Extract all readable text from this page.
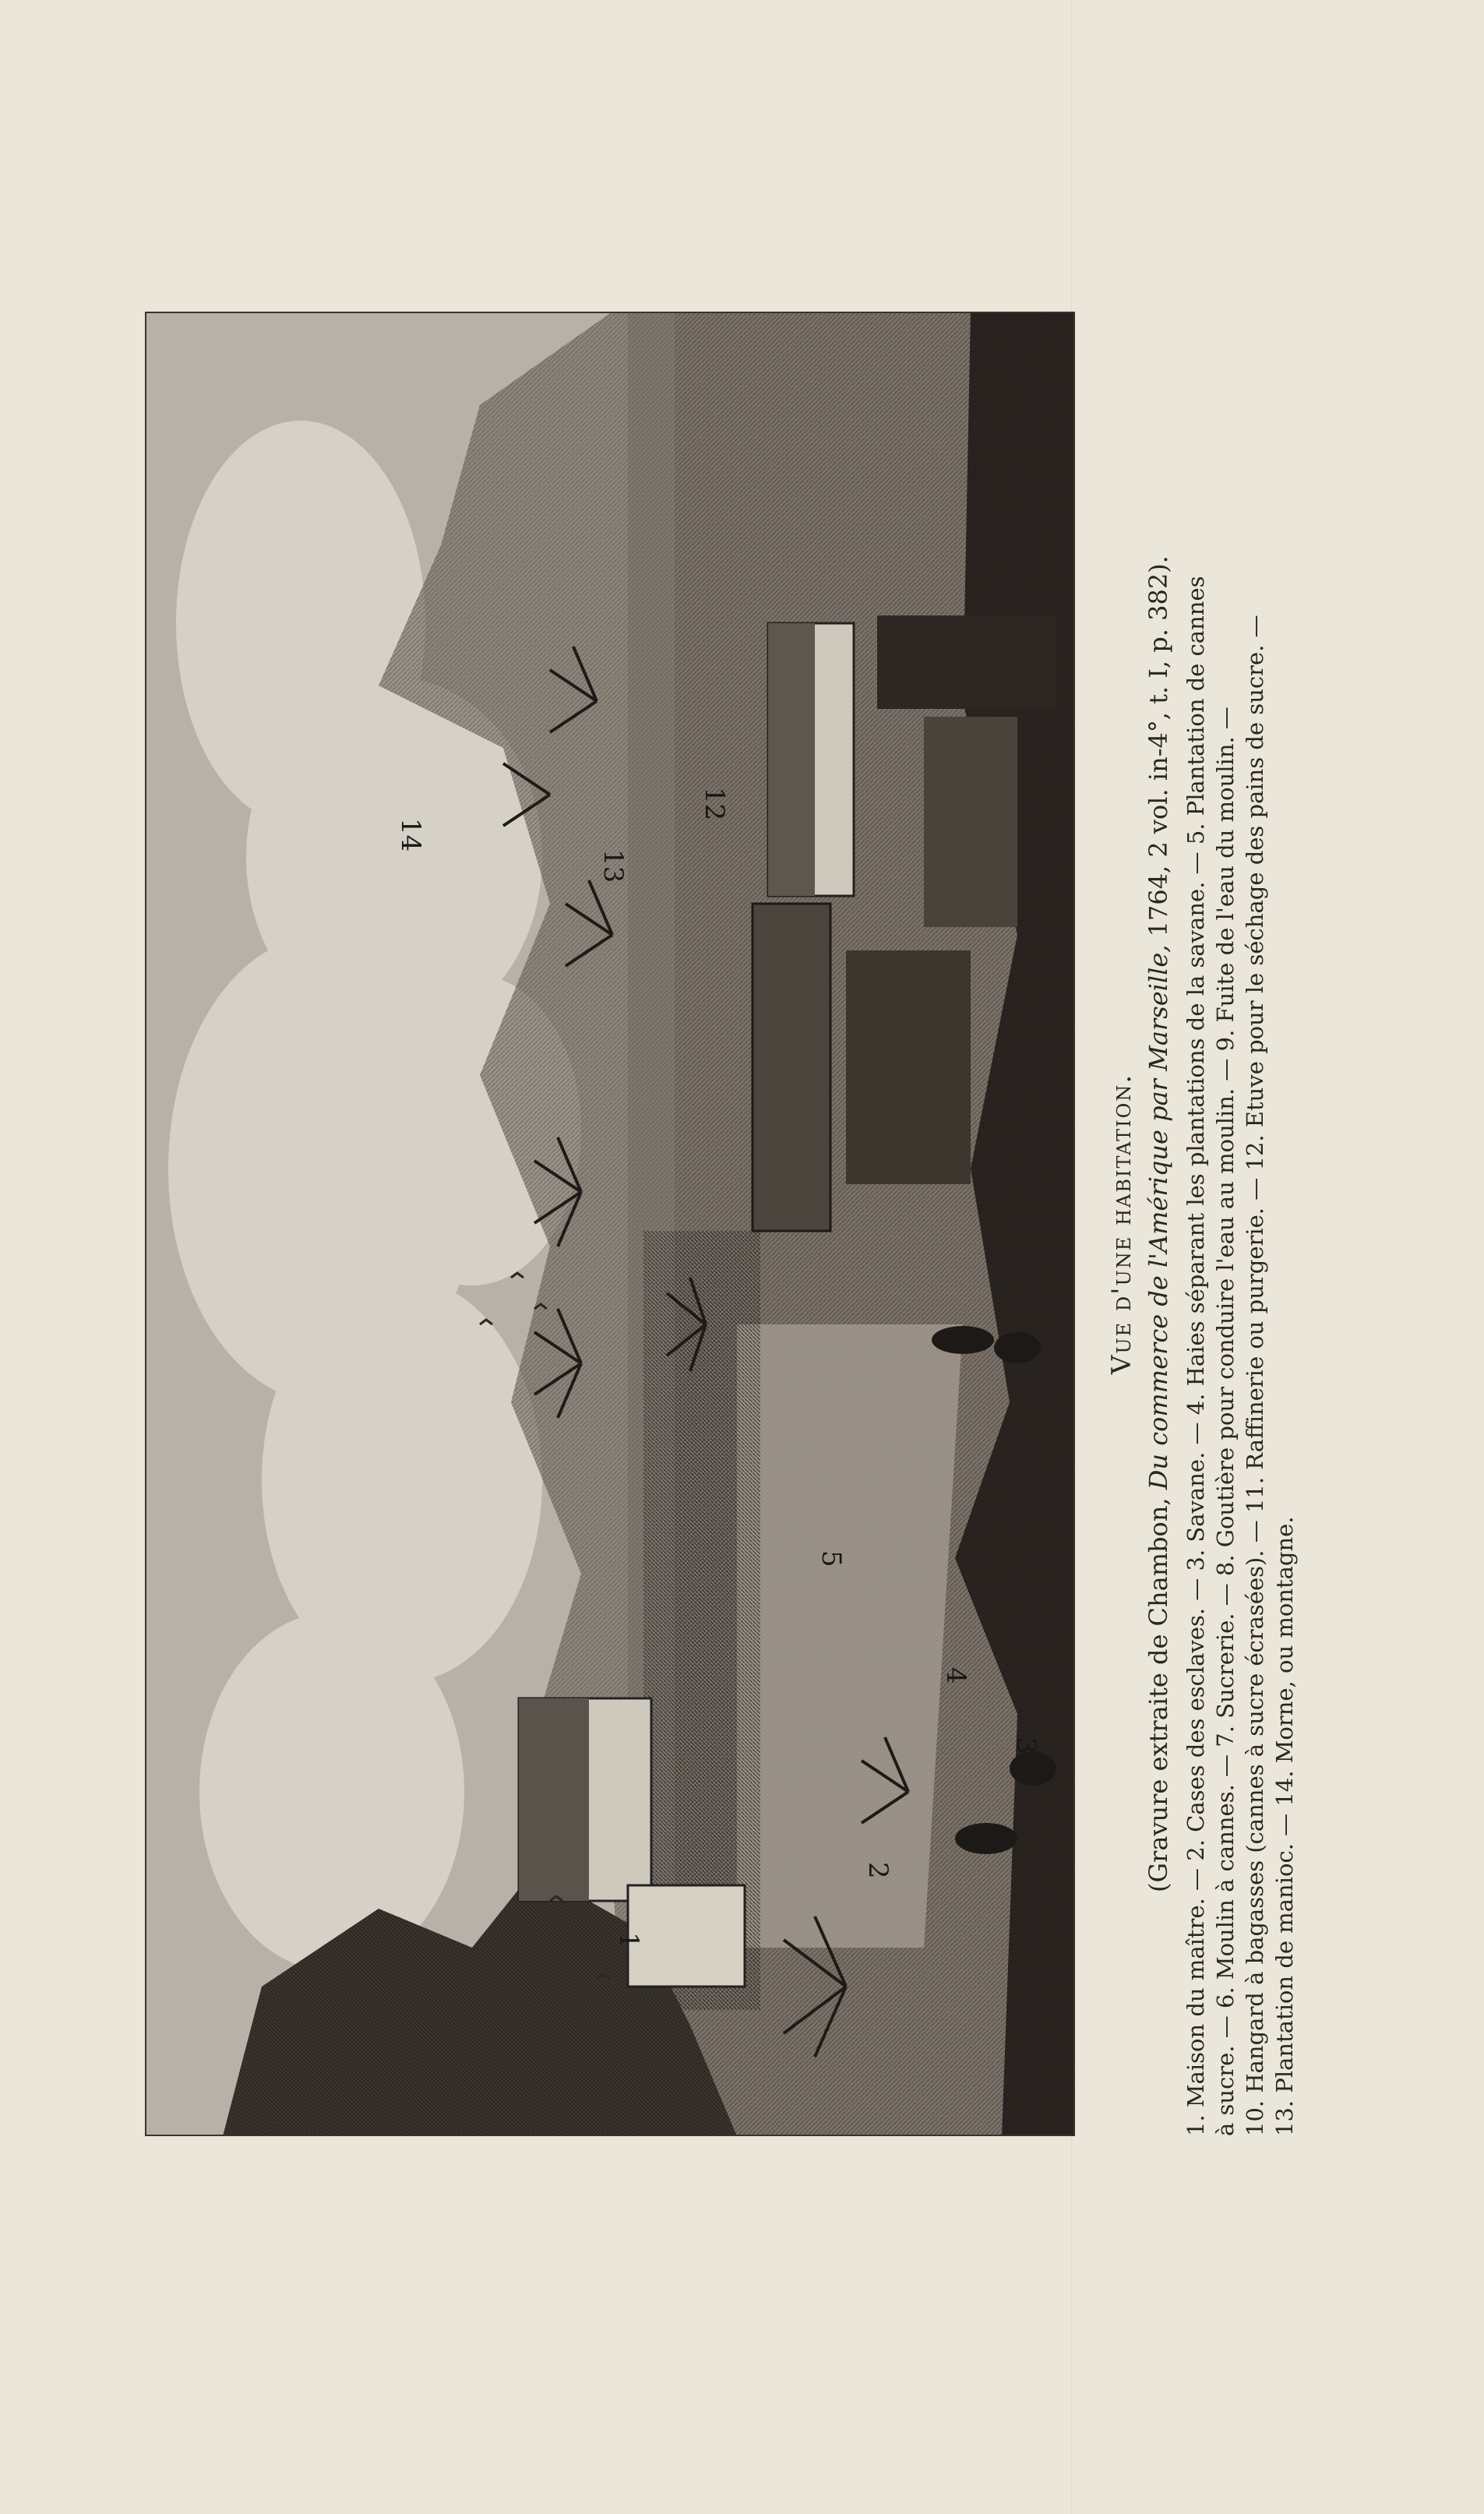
1
2
3
4
5
12
13
14

Vue d'une habitation.

(Gravure extraite de Chambon, Du commerce de l'Amérique par Marseille, 1764, 2 vol. in-4°, t. I, p. 382). 1. Maison du maître. — 2. Cases des esclaves. — 3. Savane. — 4. Haies séparant les plantations de la savane. — 5. Plantation de cannes à sucre. — 6. Moulin à cannes. — 7. Sucrerie. — 8. Goutière pour conduire l'eau au moulin. — 9. Fuite de l'eau du moulin. — 10. Hangard à bagasses (cannes à sucre écrasées). — 11. Raffinerie ou purgerie. — 12. Etuve pour le séchage des pains de sucre. — 13. Plantation de manioc. — 14. Morne, ou montagne.
